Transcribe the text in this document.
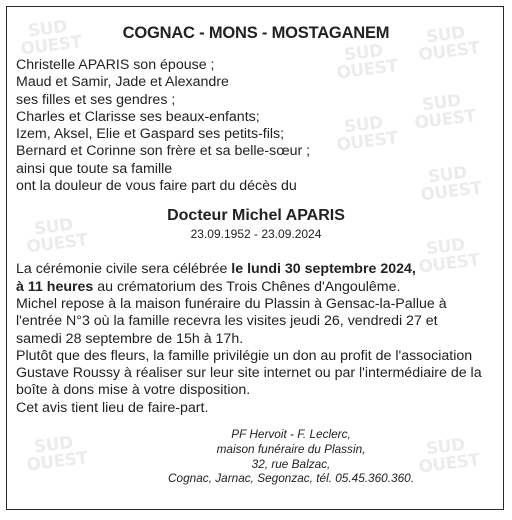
SUD
OUEST	SUD
OUEST
SUD
OUEST
SUD
OUEST
SUD
OUEST
SUD
OUEST
SUD
OUEST	SUD
OUEST
SUD
OUEST
SUD
OUEST
COGNAC - MONS - MOSTAGANEM
Christelle APARIS son épouse ;
Maud et Samir, Jade et Alexandre
ses filles et ses gendres ;
Charles et Clarisse ses beaux-enfants;
Izem, Aksel, Elie et Gaspard ses petits-fils;
Bernard et Corinne son frère et sa belle-sœur ;
ainsi que toute sa famille
ont la douleur de vous faire part du décès du
Docteur Michel APARIS
23.09.1952 - 23.09.2024
La cérémonie civile sera célébrée le lundi 30 septembre 2024,
à 11 heures au crématorium des Trois Chênes d'Angoulême.
Michel repose à la maison funéraire du Plassin à Gensac-la-Pallue à
l'entrée N°3 où la famille recevra les visites jeudi 26, vendredi 27 et
samedi 28 septembre de 15h à 17h.
Plutôt que des fleurs, la famille privilégie un don au profit de l'association
Gustave Roussy à réaliser sur leur site internet ou par l'intermédiaire de la
boîte à dons mise à votre disposition.
Cet avis tient lieu de faire-part.
PF Hervoit - F. Leclerc,
maison funéraire du Plassin,
32, rue Balzac,
Cognac, Jarnac, Segonzac, tél. 05.45.360.360.
